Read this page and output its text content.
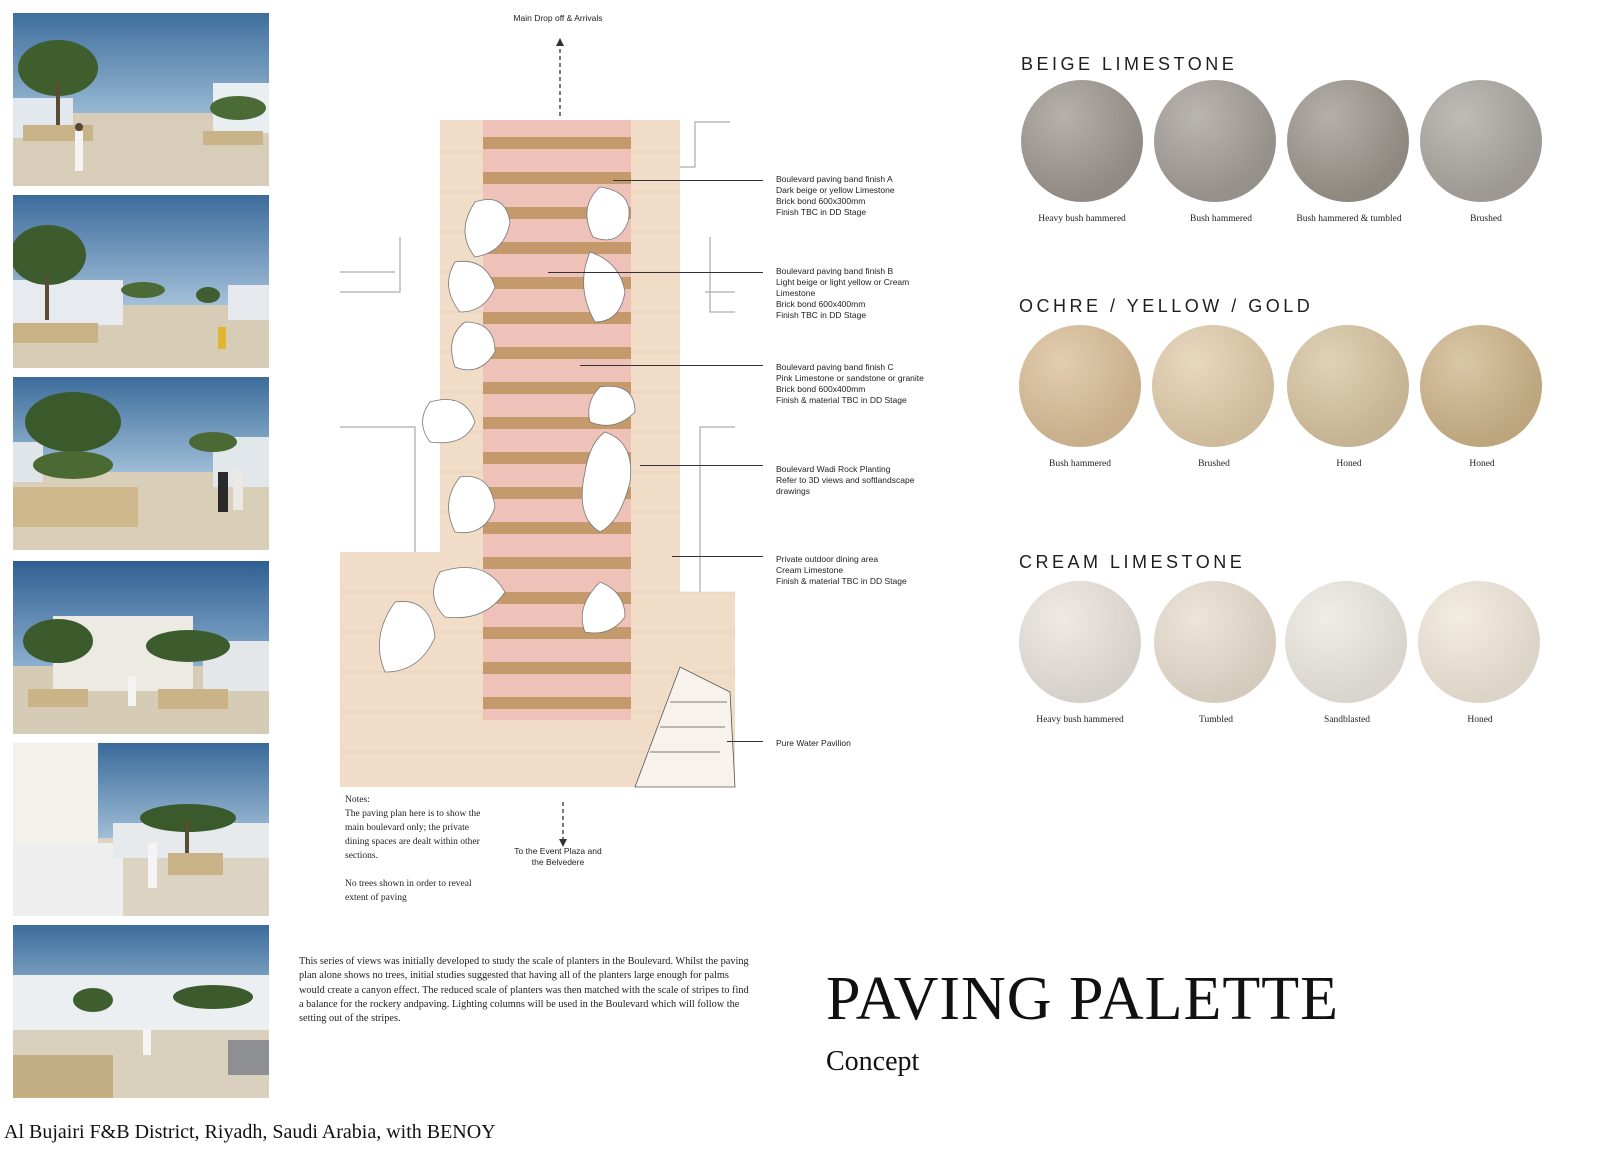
Main Drop off & Arrivals
Boulevard paving band finish A
Dark beige or yellow Limestone
Brick bond 600x300mm
Finish TBC in DD Stage
Boulevard paving band finish B
Light beige or light yellow or Cream
Limestone
Brick bond 600x400mm
Finish TBC in DD Stage
Boulevard paving band finish C
Pink Limestone or sandstone or granite
Brick bond 600x400mm
Finish & material TBC in DD Stage
Boulevard Wadi Rock Planting
Refer to 3D views and softlandscape
drawings
Private outdoor dining area
Cream Limestone
Finish & material TBC in DD Stage
Pure Water Pavilion
To the Event Plaza and the Belvedere

Notes:

The paving plan here is to show the main boulevard only; the private dining spaces are dealt within other sections.

No trees shown in order to reveal extent of paving

This series of views was initially developed to study the scale of planters in the Boulevard. Whilst the paving plan alone shows no trees, initial studies suggested that having all of the planters large enough for palms would create a canyon effect. The reduced scale of planters was then matched with the scale of stripes to find a balance for the rockery andpaving. Lighting columns will be used in the Boulevard which will follow the setting out of the stripes.
BEIGE LIMESTONE
OCHRE / YELLOW / GOLD
CREAM LIMESTONE
Heavy bush hammered	Bush hammered	Bush hammered & tumbled	Brushed
Bush hammered	Brushed	Honed	Honed
Heavy bush hammered	Tumbled	Sandblasted	Honed
PAVING PALETTE
Concept
Al Bujairi F&B District, Riyadh, Saudi Arabia, with BENOY
